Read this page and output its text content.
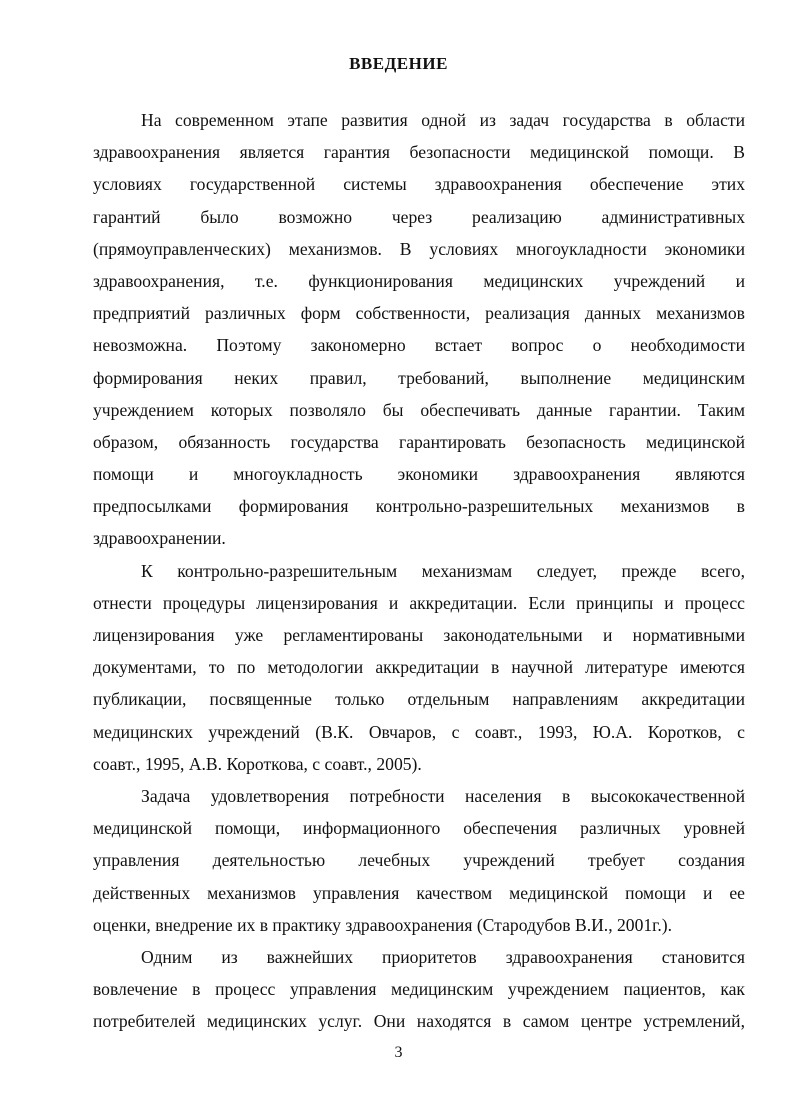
ВВЕДЕНИЕ
На современном этапе развития одной из задач государства в области
здравоохранения является гарантия безопасности медицинской помощи. В
условиях государственной системы здравоохранения обеспечение этих
гарантий было возможно через реализацию административных
(прямоуправленческих) механизмов. В условиях многоукладности экономики
здравоохранения, т.е. функционирования медицинских учреждений и
предприятий различных форм собственности, реализация данных механизмов
невозможна. Поэтому закономерно встает вопрос о необходимости
формирования неких правил, требований, выполнение медицинским
учреждением которых позволяло бы обеспечивать данные гарантии. Таким
образом, обязанность государства гарантировать безопасность медицинской
помощи и многоукладность экономики здравоохранения являются
предпосылками формирования контрольно-разрешительных механизмов в
здравоохранении.
К контрольно-разрешительным механизмам следует, прежде всего,
отнести процедуры лицензирования и аккредитации. Если принципы и процесс
лицензирования уже регламентированы законодательными и нормативными
документами, то по методологии аккредитации в научной литературе имеются
публикации, посвященные только отдельным направлениям аккредитации
медицинских учреждений (В.К. Овчаров, с соавт., 1993, Ю.А. Коротков, с
соавт., 1995, А.В. Короткова, с соавт., 2005).
Задача удовлетворения потребности населения в высококачественной
медицинской помощи, информационного обеспечения различных уровней
управления деятельностью лечебных учреждений требует создания
действенных механизмов управления качеством медицинской помощи и ее
оценки, внедрение их в практику здравоохранения (Стародубов В.И., 2001г.).
Одним из важнейших приоритетов здравоохранения становится
вовлечение в процесс управления медицинским учреждением пациентов, как
потребителей медицинских услуг. Они находятся в самом центре устремлений,
3
